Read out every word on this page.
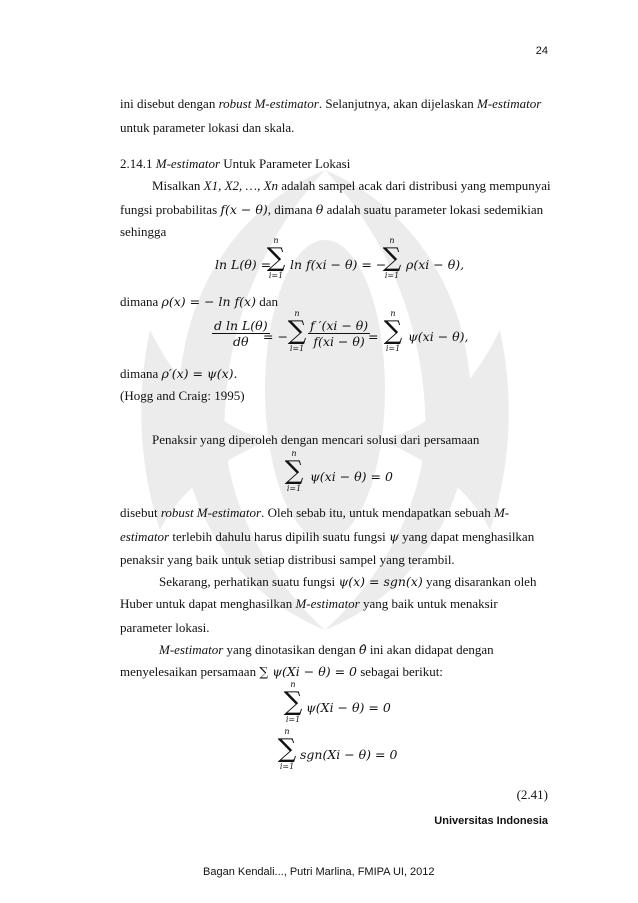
24
ini disebut dengan robust M-estimator. Selanjutnya, akan dijelaskan M-estimator
untuk parameter lokasi dan skala.
2.14.1 M-estimator Untuk Parameter Lokasi
Misalkan X1, X2, …, Xn adalah sampel acak dari distribusi yang mempunyai
fungsi probabilitas f(x − θ), dimana θ adalah suatu parameter lokasi sedemikian
sehingga
ln L(θ) =
n
∑
i=1
ln f(xi − θ) = −
n
∑
i=1
ρ(xi − θ),
dimana ρ(x) = − ln f(x) dan
$\frac{\text{d ln L(θ)}}{d\theta}$
= −
n
∑
$i=1 \frac{f '(xi - \theta)}{f(xi - \theta)}$
=
n
∑
i=1
ψ(xi − θ),
dimana ρ′(x) = ψ(x).
(Hogg and Craig: 1995)
Penaksir yang diperoleh dengan mencari solusi dari persamaan
n
∑
i=1
ψ(xi − θ) = 0
disebut robust M-estimator. Oleh sebab itu, untuk mendapatkan sebuah M-
estimator terlebih dahulu harus dipilih suatu fungsi ψ yang dapat menghasilkan
penaksir yang baik untuk setiap distribusi sampel yang terambil.
Sekarang, perhatikan suatu fungsi ψ(x) = sgn(x) yang disarankan oleh
Huber untuk dapat menghasilkan M-estimator yang baik untuk menaksir
parameter lokasi.
M-estimator yang dinotasikan dengan θ̂ ini akan didapat dengan
menyelesaikan persamaan ∑ ψ(Xi − θ) = 0 sebagai berikut:
n
∑
i=1
ψ(Xi − θ) = 0
n
∑
i=1
sgn(Xi − θ) = 0
(2.41)
Universitas Indonesia
Bagan Kendali..., Putri Marlina, FMIPA UI, 2012
